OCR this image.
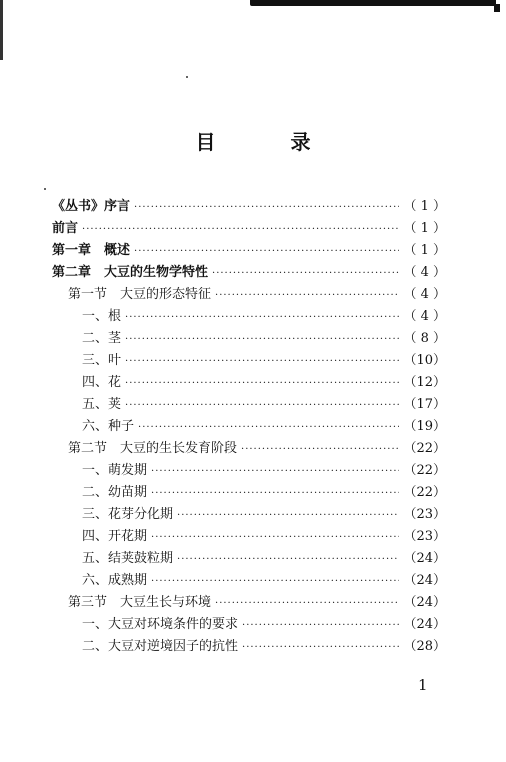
目 录
《丛书》序言 ·····	（ 1 ）
前言 ·····	（ 1 ）
第一章　概述 ·····	（ 1 ）
第二章　大豆的生物学特性 ·····	（ 4 ）
第一节　大豆的形态特征 ·····	（ 4 ）
一、根 ·····	（ 4 ）
二、茎 ·····	（ 8 ）
三、叶 ·····	（10）
四、花 ·····	（12）
五、荚 ·····	（17）
六、种子 ·····	（19）
第二节　大豆的生长发育阶段 ·····	（22）
一、萌发期 ·····	（22）
二、幼苗期 ·····	（22）
三、花芽分化期 ·····	（23）
四、开花期 ·····	（23）
五、结荚鼓粒期 ·····	（24）
六、成熟期 ·····	（24）
第三节　大豆生长与环境 ·····	（24）
一、大豆对环境条件的要求 ·····	（24）
二、大豆对逆境因子的抗性 ·····	（28）
1
